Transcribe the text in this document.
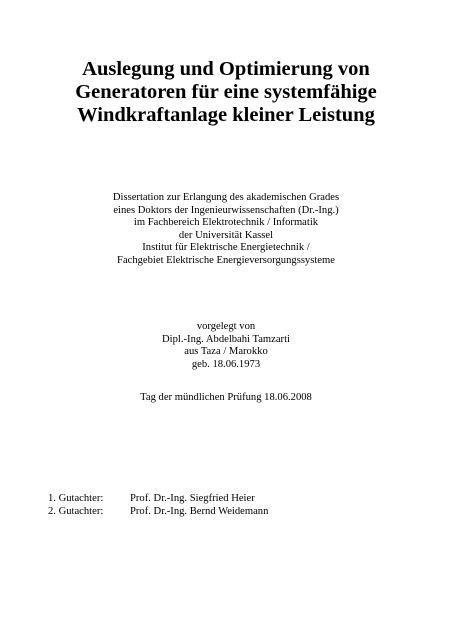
Auslegung und Optimierung von
Generatoren für eine systemfähige
Windkraftanlage kleiner Leistung
Dissertation zur Erlangung des akademischen Grades
eines Doktors der Ingenieurwissenschaften (Dr.-Ing.)
im Fachbereich Elektrotechnik / Informatik
der Universität Kassel
Institut für Elektrische Energietechnik /
Fachgebiet Elektrische Energieversorgungssysteme
vorgelegt von
Dipl.-Ing. Abdelbahi Tamzarti
aus Taza / Marokko
geb. 18.06.1973
Tag der mündlichen Prüfung 18.06.2008
1. Gutachter:	Prof. Dr.-Ing. Siegfried Heier
2. Gutachter:	Prof. Dr.-Ing. Bernd Weidemann
